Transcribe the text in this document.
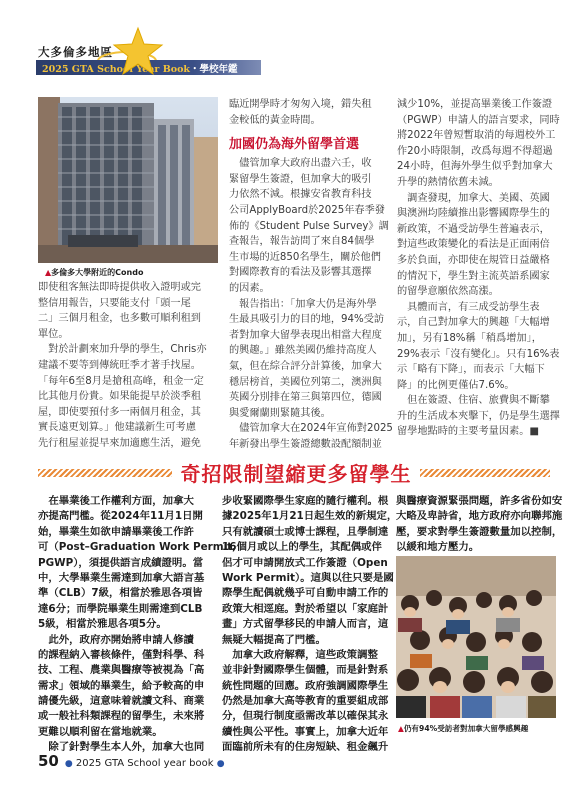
大多倫多地區
2025 GTA School Year Book・學校年鑑
▲多倫多大學附近的Condo
即使租客無法即時提供收入證明或完
整信用報告，只要能支付「頭一尾
二」三個月租金，也多數可順利租到
單位。
　對於計劃來加升學的學生，Chris亦
建議不要等到傳統旺季才著手找屋。
「每年6至8月是搶租高峰，租金一定
比其他月份貴。如果能提早於淡季租
屋，即使要預付多一兩個月租金，其
實長遠更划算。」他建議新生可考慮
先行租屋並提早來加適應生活，避免
臨近開學時才匆匆入境，錯失租
金較低的黃金時間。
加國仍為海外留學首選
　儘管加拿大政府出盡六壬，收
緊留學生簽證，但加拿大的吸引
力依然不減。根據安省教育科技
公司ApplyBoard於2025年春季發
佈的《Student Pulse Survey》調
查報告，報告訪問了來自84個學
生市場的近850名學生，關於他們
對國際教育的看法及影響其選擇
的因素。
　報告指出：「加拿大仍是海外學
生最具吸引力的目的地，94%受訪
者對加拿大留學表現出相當大程度
的興趣。」雖然美國仍維持高度人
氣，但在綜合評分計算後，加拿大
穩居榜首，美國位列第二，澳洲與
英國分別排在第三與第四位，德國
與愛爾蘭則緊隨其後。
　儘管加拿大在2024年宣佈對2025
年新發出學生簽證總數設配額制並
減少10%，並提高畢業後工作簽證
（PGWP）申請人的語言要求，同時
將2022年曾短暫取消的每週校外工
作20小時限制，改爲每週不得超過
24小時，但海外學生似乎對加拿大
升學的熱情依舊未減。
　調查發現，加拿大、美國、英國
與澳洲均陸續推出影響國際學生的
新政策，不過受訪學生普遍表示，
對這些政策變化的看法是正面兩倍
多於負面，亦即使在規管日益嚴格
的情況下，學生對主流英語系國家
的留學意願依然高漲。
　具體而言，有三成受訪學生表
示，自己對加拿大的興趣「大幅增
加」，另有18%稱「稍爲增加」，
29%表示「沒有變化」。只有16%表
示「略有下降」，而表示「大幅下
降」的比例更僅佔7.6%。
　但在簽證、住宿、旅費與不斷攀
升的生活成本夾擊下，仍是學生選擇
留學地點時的主要考量因素。■
奇招限制望縮更多留學生
　在畢業後工作權利方面，加拿大
亦提高門檻。從2024年11月1日開
始，畢業生如欲申請畢業後工作許
可（Post–Graduation Work Permit,
PGWP），須提供語言成績證明。當
中，大學畢業生需達到加拿大語言基
準（CLB）7級，相當於雅思各項皆
達6分；而學院畢業生則需達到CLB
5級，相當於雅思各項5分。
　此外，政府亦開始將申請人修讀
的課程納入審核條件，僅對科學、科
技、工程、農業與醫療等被視為「高
需求」領域的畢業生，給予較高的申
請優先級，這意味着就讀文科、商業
或一般社科類課程的留學生，未來將
更難以順利留在當地就業。
　除了針對學生本人外，加拿大也同
步收緊國際學生家庭的隨行權利。根
據2025年1月21日起生效的新規定，
只有就讀碩士或博士課程，且學制達
16個月或以上的學生，其配偶或伴
侶才可申請開放式工作簽證（Open
Work Permit）。這與以往只要是國
際學生配偶就幾乎可自動申請工作的
政策大相逕庭。對於希望以「家庭計
畫」方式留學移民的申請人而言，這
無疑大幅提高了門檻。
　加拿大政府解釋，這些政策調整
並非針對國際學生個體，而是針對系
統性問題的回應。政府強調國際學生
仍然是加拿大高等教育的重要組成部
分，但現行制度亟需改革以確保其永
續性與公平性。事實上，加拿大近年
面臨前所未有的住房短缺、租金飆升
與醫療資源緊張問題，許多省份如安
大略及卑詩省，地方政府亦向聯邦施
壓，要求對學生簽證數量加以控制，
以緩和地方壓力。
▲仍有94%受訪者對加拿大留學感興趣
50 ● 2025 GTA School year book ●
